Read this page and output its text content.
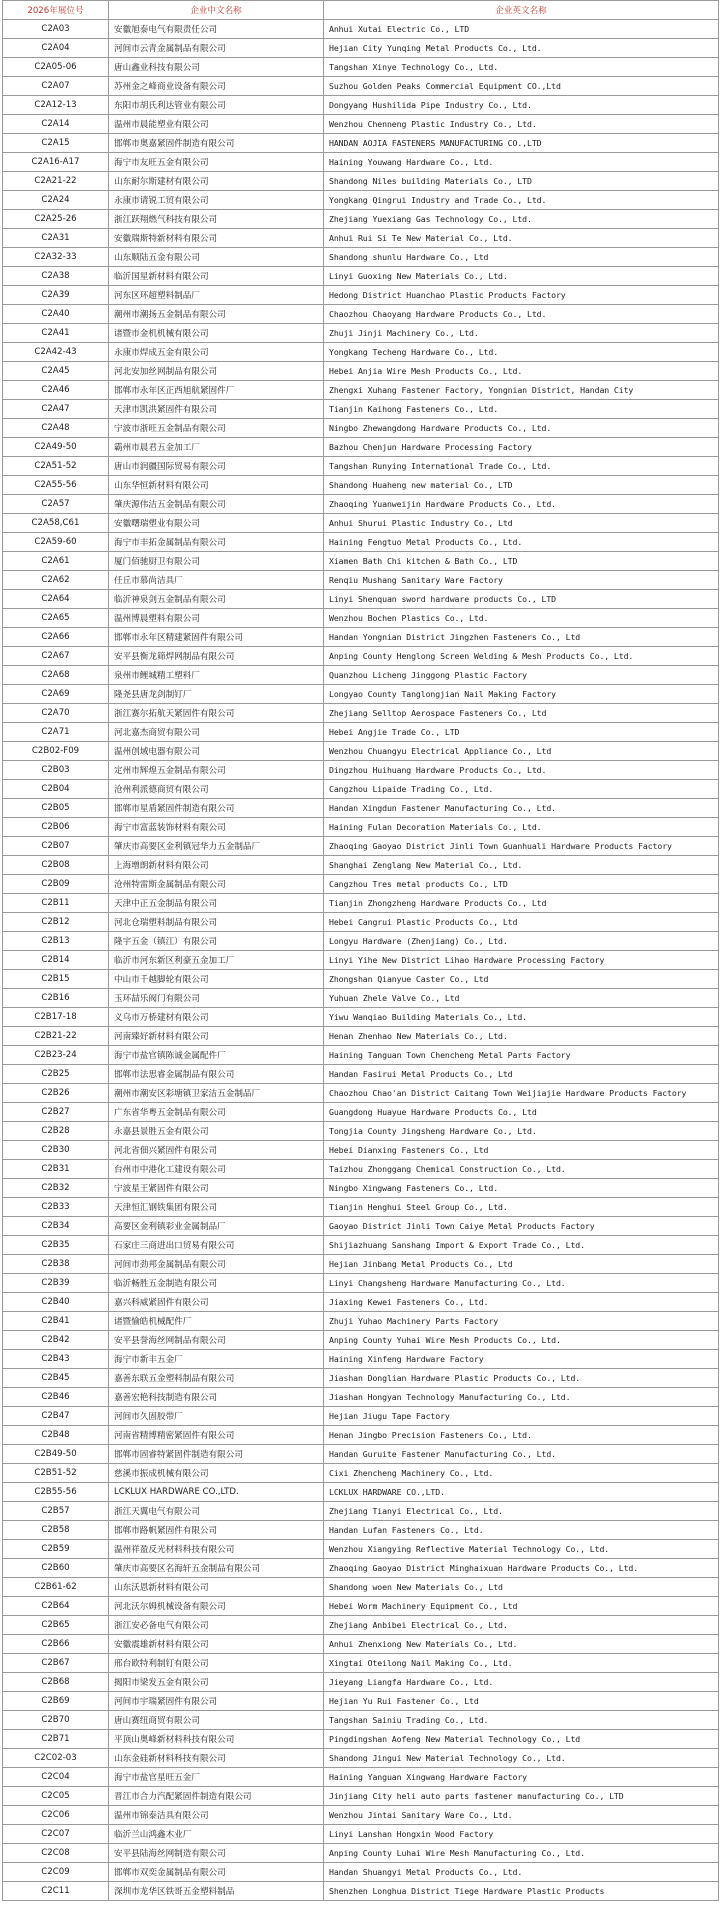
2026年展位号	企业中文名称	企业英文名称
C2A03	安徽旭泰电气有限责任公司	Anhui Xutai Electric Co., LTD
C2A04	河间市云青金属制品有限公司	Hejian City Yunqing Metal Products Co., Ltd.
C2A05-06	唐山鑫业科技有限公司	Tangshan Xinye Technology Co., Ltd.
C2A07	苏州金之峰商业设备有限公司	Suzhou Golden Peaks Commercial Equipment CO.,Ltd
C2A12-13	东阳市胡氏利达管业有限公司	Dongyang Hushilida Pipe Industry Co., Ltd.
C2A14	温州市晨能塑业有限公司	Wenzhou Chenneng Plastic Industry Co., Ltd.
C2A15	邯郸市奥嘉紧固件制造有限公司	HANDAN AOJIA FASTENERS MANUFACTURING CO.,LTD
C2A16-A17	海宁市友旺五金有限公司	Haining Youwang Hardware Co., Ltd.
C2A21-22	山东耐尔斯建材有限公司	Shandong Niles building Materials Co., LTD
C2A24	永康市请锐工贸有限公司	Yongkang Qingrui Industry and Trade Co., Ltd.
C2A25-26	浙江跃翔燃气科技有限公司	Zhejiang Yuexiang Gas Technology Co., Ltd.
C2A31	安徽瑞斯特新材料有限公司	Anhui Rui Si Te New Material Co., Ltd.
C2A32-33	山东顺陆五金有限公司	Shandong shunlu Hardware Co., Ltd
C2A38	临沂国星新材料有限公司	Linyi Guoxing New Materials Co., Ltd.
C2A39	河东区环超塑料制品厂	Hedong District Huanchao Plastic Products Factory
C2A40	潮州市潮扬五金制品有限公司	Chaozhou Chaoyang Hardware Products Co., Ltd.
C2A41	诸暨市金机机械有限公司	Zhuji Jinji Machinery Co., Ltd.
C2A42-43	永康市焊成五金有限公司	Yongkang Techeng Hardware Co., Ltd.
C2A45	河北安加丝网制品有限公司	Hebei Anjia Wire Mesh Products Co., Ltd.
C2A46	邯郸市永年区正西旭航紧固件厂	Zhengxi Xuhang Fastener Factory, Yongnian District, Handan City
C2A47	天津市凯洪紧固件有限公司	Tianjin Kaihong Fasteners Co., Ltd.
C2A48	宁波市浙旺五金制品有限公司	Ningbo Zhewangdong Hardware Products Co., Ltd.
C2A49-50	霸州市晨君五金加工厂	Bazhou Chenjun Hardware Processing Factory
C2A51-52	唐山市润疆国际贸易有限公司	Tangshan Runying International Trade Co., Ltd.
C2A55-56	山东华恒新材料有限公司	Shandong Huaheng new material Co., LTD
C2A57	肇庆源伟洁五金制品有限公司	Zhaoqing Yuanweijin Hardware Products Co., Ltd.
C2A58,C61	安徽曙瑞塑业有限公司	Anhui Shurui Plastic Industry Co., Ltd
C2A59-60	海宁市丰拓金属制品有限公司	Haining Fengtuo Metal Products Co., Ltd.
C2A61	厦门佰驰厨卫有限公司	Xiamen Bath Chi kitchen & Bath Co., LTD
C2A62	任丘市慕尚洁具厂	Renqiu Mushang Sanitary Ware Factory
C2A64	临沂神泉剑五金制品有限公司	Linyi Shenquan sword hardware products Co., LTD
C2A65	温州博晨塑料有限公司	Wenzhou Bochen Plastics Co., Ltd.
C2A66	邯郸市永年区精建紧固件有限公司	Handan Yongnian District Jingzhen Fasteners Co., Ltd
C2A67	安平县衡龙筛焊网制品有限公司	Anping County Henglong Screen Welding & Mesh Products Co., Ltd.
C2A68	泉州市鲤城精工塑料厂	Quanzhou Licheng Jinggong Plastic Factory
C2A69	隆尧县唐龙剑制钉厂	Longyao County Tanglongjian Nail Making Factory
C2A70	浙江赛尔拓航天紧固件有限公司	Zhejiang Selltop Aerospace Fasteners Co., Ltd
C2A71	河北嘉杰商贸有限公司	Hebei Angjie Trade Co., LTD
C2B02-F09	温州创域电器有限公司	Wenzhou Chuangyu Electrical Appliance Co., Ltd
C2B03	定州市辉煌五金制品有限公司	Dingzhou Huihuang Hardware Products Co., Ltd.
C2B04	沧州利派德商贸有限公司	Cangzhou Lipaide Trading Co., Ltd.
C2B05	邯郸市星盾紧固件制造有限公司	Handan Xingdun Fastener Manufacturing Co., Ltd.
C2B06	海宁市富蓝装饰材料有限公司	Haining Fulan Decoration Materials Co., Ltd.
C2B07	肇庆市高要区金利镇冠华力五金制品厂	Zhaoqing Gaoyao District Jinli Town Guanhuali Hardware Products Factory
C2B08	上海增朗新材料有限公司	Shanghai Zenglang New Material Co., Ltd.
C2B09	沧州特雷斯金属制品有限公司	Cangzhou Tres metal products Co., LTD
C2B11	天津中正五金制品有限公司	Tianjin Zhongzheng Hardware Products Co., Ltd
C2B12	河北仓瑞塑料制品有限公司	Hebei Cangrui Plastic Products Co., Ltd
C2B13	隆宇五金（镇江）有限公司	Longyu Hardware (Zhenjiang) Co., Ltd.
C2B14	临沂市河东新区利豪五金加工厂	Linyi Yihe New District Lihao Hardware Processing Factory
C2B15	中山市千越脚轮有限公司	Zhongshan Qianyue Caster Co., Ltd
C2B16	玉环喆乐阀门有限公司	Yuhuan Zhele Valve Co., Ltd
C2B17-18	义乌市万桥建材有限公司	Yiwu Wanqiao Building Materials Co., Ltd.
C2B21-22	河南臻好新材料有限公司	Henan Zhenhao New Materials Co., Ltd.
C2B23-24	海宁市盐官镇陈诚金属配件厂	Haining Tanguan Town Chencheng Metal Parts Factory
C2B25	邯郸市法思睿金属制品有限公司	Handan Fasirui Metal Products Co., Ltd
C2B26	潮州市潮安区彩塘镇卫家洁五金制品厂	Chaozhou Chao'an District Caitang Town Weijiajie Hardware Products Factory
C2B27	广东省华粤五金制品有限公司	Guangdong Huayue Hardware Products Co., Ltd
C2B28	永嘉县景胜五金有限公司	Tongjia County Jingsheng Hardware Co., Ltd.
C2B30	河北省佃兴紧固件有限公司	Hebei Dianxing Fasteners Co., Ltd
C2B31	台州市中港化工建设有限公司	Taizhou Zhonggang Chemical Construction Co., Ltd.
C2B32	宁波星王紧固件有限公司	Ningbo Xingwang Fasteners Co., Ltd.
C2B33	天津恒汇钢铁集团有限公司	Tianjin Henghui Steel Group Co., Ltd.
C2B34	高要区金利镇彩业金属制品厂	Gaoyao District Jinli Town Caiye Metal Products Factory
C2B35	石家庄三商进出口贸易有限公司	Shijiazhuang Sanshang Import & Export Trade Co., Ltd.
C2B38	河间市劲邦金属制品有限公司	Hejian Jinbang Metal Products Co., Ltd
C2B39	临沂畅胜五金制造有限公司	Linyi Changsheng Hardware Manufacturing Co., Ltd.
C2B40	嘉兴科威紧固件有限公司	Jiaxing Kewei Fasteners Co., Ltd.
C2B41	诸暨愉皓机械配件厂	Zhuji Yuhao Machinery Parts Factory
C2B42	安平县誉海丝网制品有限公司	Anping County Yuhai Wire Mesh Products Co., Ltd.
C2B43	海宁市新丰五金厂	Haining Xinfeng Hardware Factory
C2B45	嘉善东联五金塑料制品有限公司	Jiashan Donglian Hardware Plastic Products Co., Ltd.
C2B46	嘉善宏艳科技制造有限公司	Jiashan Hongyan Technology Manufacturing Co., Ltd.
C2B47	河间市久固胶带厂	Hejian Jiugu Tape Factory
C2B48	河南省精博精密紧固件有限公司	Henan Jingbo Precision Fasteners Co., Ltd.
C2B49-50	邯郸市固睿特紧固件制造有限公司	Handan Guruite Fastener Manufacturing Co., Ltd.
C2B51-52	慈溪市振成机械有限公司	Cixi Zhencheng Machinery Co., Ltd.
C2B55-56	LCKLUX HARDWARE CO.,LTD.	LCKLUX HARDWARE CO.,LTD.
C2B57	浙江天翼电气有限公司	Zhejiang Tianyi Electrical Co., Ltd.
C2B58	邯郸市路帆紧固件有限公司	Handan Lufan Fasteners Co., Ltd.
C2B59	温州祥盈反光材料科技有限公司	Wenzhou Xiangying Reflective Material Technology Co., Ltd.
C2B60	肇庆市高要区名海轩五金制品有限公司	Zhaoqing Gaoyao District Minghaixuan Hardware Products Co., Ltd.
C2B61-62	山东沃恩新材料有限公司	Shandong woen New Materials Co., Ltd
C2B64	河北沃尔姆机械设备有限公司	Hebei Worm Machinery Equipment Co., Ltd
C2B65	浙江安必备电气有限公司	Zhejiang Anbibei Electrical Co., Ltd.
C2B66	安徽震雄新材料有限公司	Anhui Zhenxiong New Materials Co., Ltd.
C2B67	邢台欧特利制钉有限公司	Xingtai Oteilong Nail Making Co., Ltd.
C2B68	揭阳市梁发五金有限公司	Jieyang Liangfa Hardware Co., Ltd.
C2B69	河间市宇瑞紧固件有限公司	Hejian Yu Rui Fastener Co., Ltd
C2B70	唐山赛纽商贸有限公司	Tangshan Sainiu Trading Co., Ltd.
C2B71	平顶山奥峰新材料科技有限公司	Pingdingshan Aofeng New Material Technology Co., Ltd
C2C02-03	山东金硅新材料科技有限公司	Shandong Jingui New Material Technology Co., Ltd.
C2C04	海宁市盐官星旺五金厂	Haining Yanguan Xingwang Hardware Factory
C2C05	晋江市合力汽配紧固件制造有限公司	Jinjiang City heli auto parts fastener manufacturing Co., LTD
C2C06	温州市锦泰洁具有限公司	Wenzhou Jintai Sanitary Ware Co., Ltd.
C2C07	临沂兰山鸿鑫木业厂	Linyi Lanshan Hongxin Wood Factory
C2C08	安平县陆海丝网制造有限公司	Anping County Luhai Wire Mesh Manufacturing Co., Ltd.
C2C09	邯郸市双奕金属制品有限公司	Handan Shuangyi Metal Products Co., Ltd.
C2C11	深圳市龙华区铁哥五金塑料制品	Shenzhen Longhua District Tiege Hardware Plastic Products
